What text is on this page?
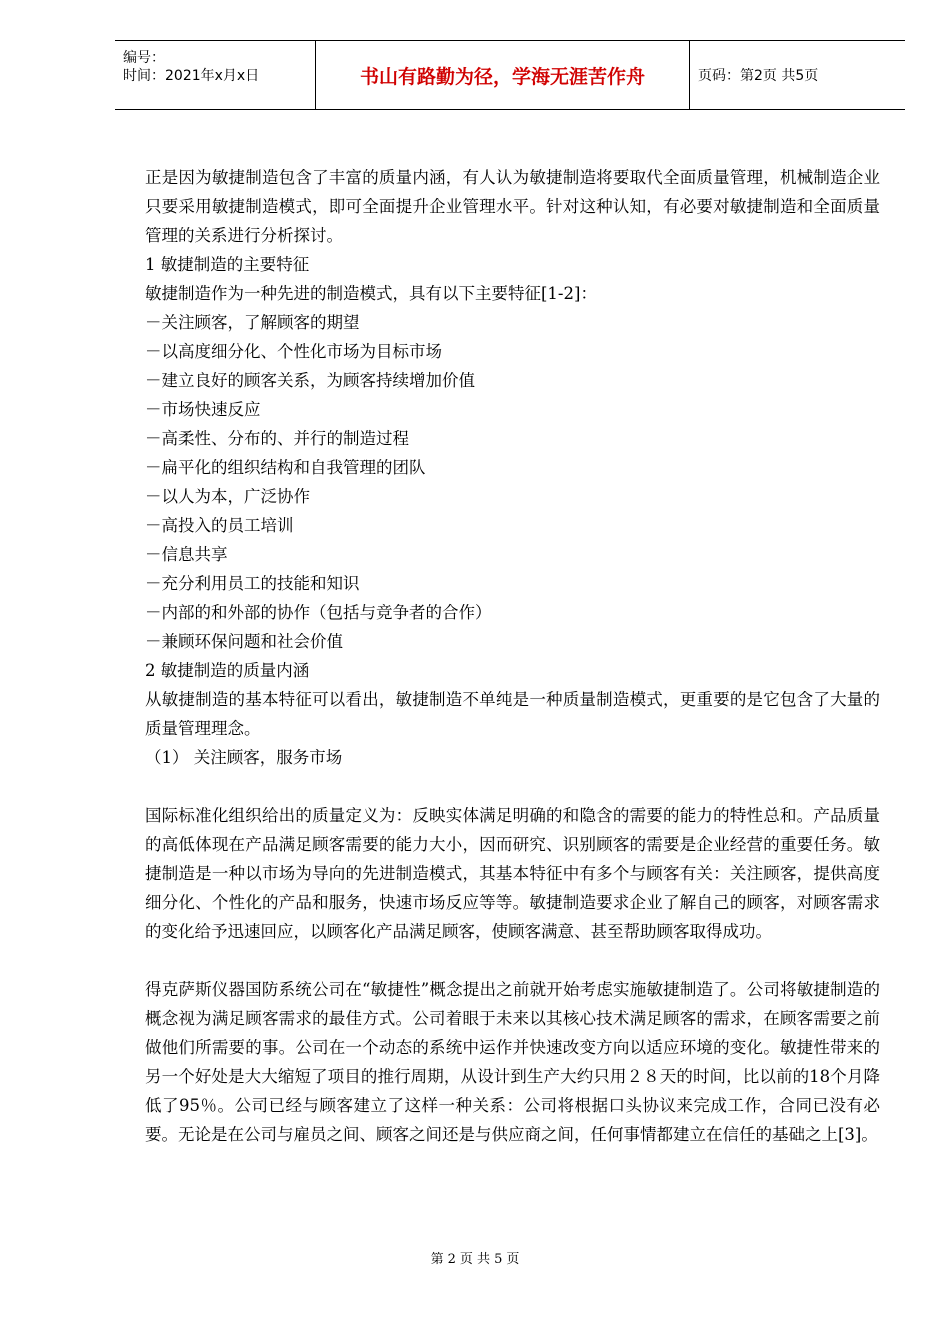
编号：
时间：2021年x月x日	书山有路勤为径，学海无涯苦作舟	页码：第2页 共5页

正是因为敏捷制造包含了丰富的质量内涵，有人认为敏捷制造将要取代全面质量管理，机械制造企业只要采用敏捷制造模式，即可全面提升企业管理水平。针对这种认知，有必要对敏捷制造和全面质量管理的关系进行分析探讨。

1 敏捷制造的主要特征

敏捷制造作为一种先进的制造模式，具有以下主要特征[1-2]：

－关注顾客，了解顾客的期望

－以高度细分化、个性化市场为目标市场

－建立良好的顾客关系，为顾客持续增加价值

－市场快速反应

－高柔性、分布的、并行的制造过程

－扁平化的组织结构和自我管理的团队

－以人为本，广泛协作

－高投入的员工培训

－信息共享

－充分利用员工的技能和知识

－内部的和外部的协作（包括与竞争者的合作）

－兼顾环保问题和社会价值

2 敏捷制造的质量内涵

从敏捷制造的基本特征可以看出，敏捷制造不单纯是一种质量制造模式，更重要的是它包含了大量的质量管理理念。

（1） 关注顾客，服务市场

国际标准化组织给出的质量定义为：反映实体满足明确的和隐含的需要的能力的特性总和。产品质量的高低体现在产品满足顾客需要的能力大小，因而研究、识别顾客的需要是企业经营的重要任务。敏捷制造是一种以市场为导向的先进制造模式，其基本特征中有多个与顾客有关：关注顾客，提供高度细分化、个性化的产品和服务，快速市场反应等等。敏捷制造要求企业了解自己的顾客，对顾客需求的变化给予迅速回应，以顾客化产品满足顾客，使顾客满意、甚至帮助顾客取得成功。

得克萨斯仪器国防系统公司在“敏捷性”概念提出之前就开始考虑实施敏捷制造了。公司将敏捷制造的概念视为满足顾客需求的最佳方式。公司着眼于未来以其核心技术满足顾客的需求，在顾客需要之前做他们所需要的事。公司在一个动态的系统中运作并快速改变方向以适应环境的变化。敏捷性带来的另一个好处是大大缩短了项目的推行周期，从设计到生产大约只用２８天的时间，比以前的18个月降低了95％。公司已经与顾客建立了这样一种关系：公司将根据口头协议来完成工作，合同已没有必要。无论是在公司与雇员之间、顾客之间还是与供应商之间，任何事情都建立在信任的基础之上[3]。

第 2 页 共 5 页
